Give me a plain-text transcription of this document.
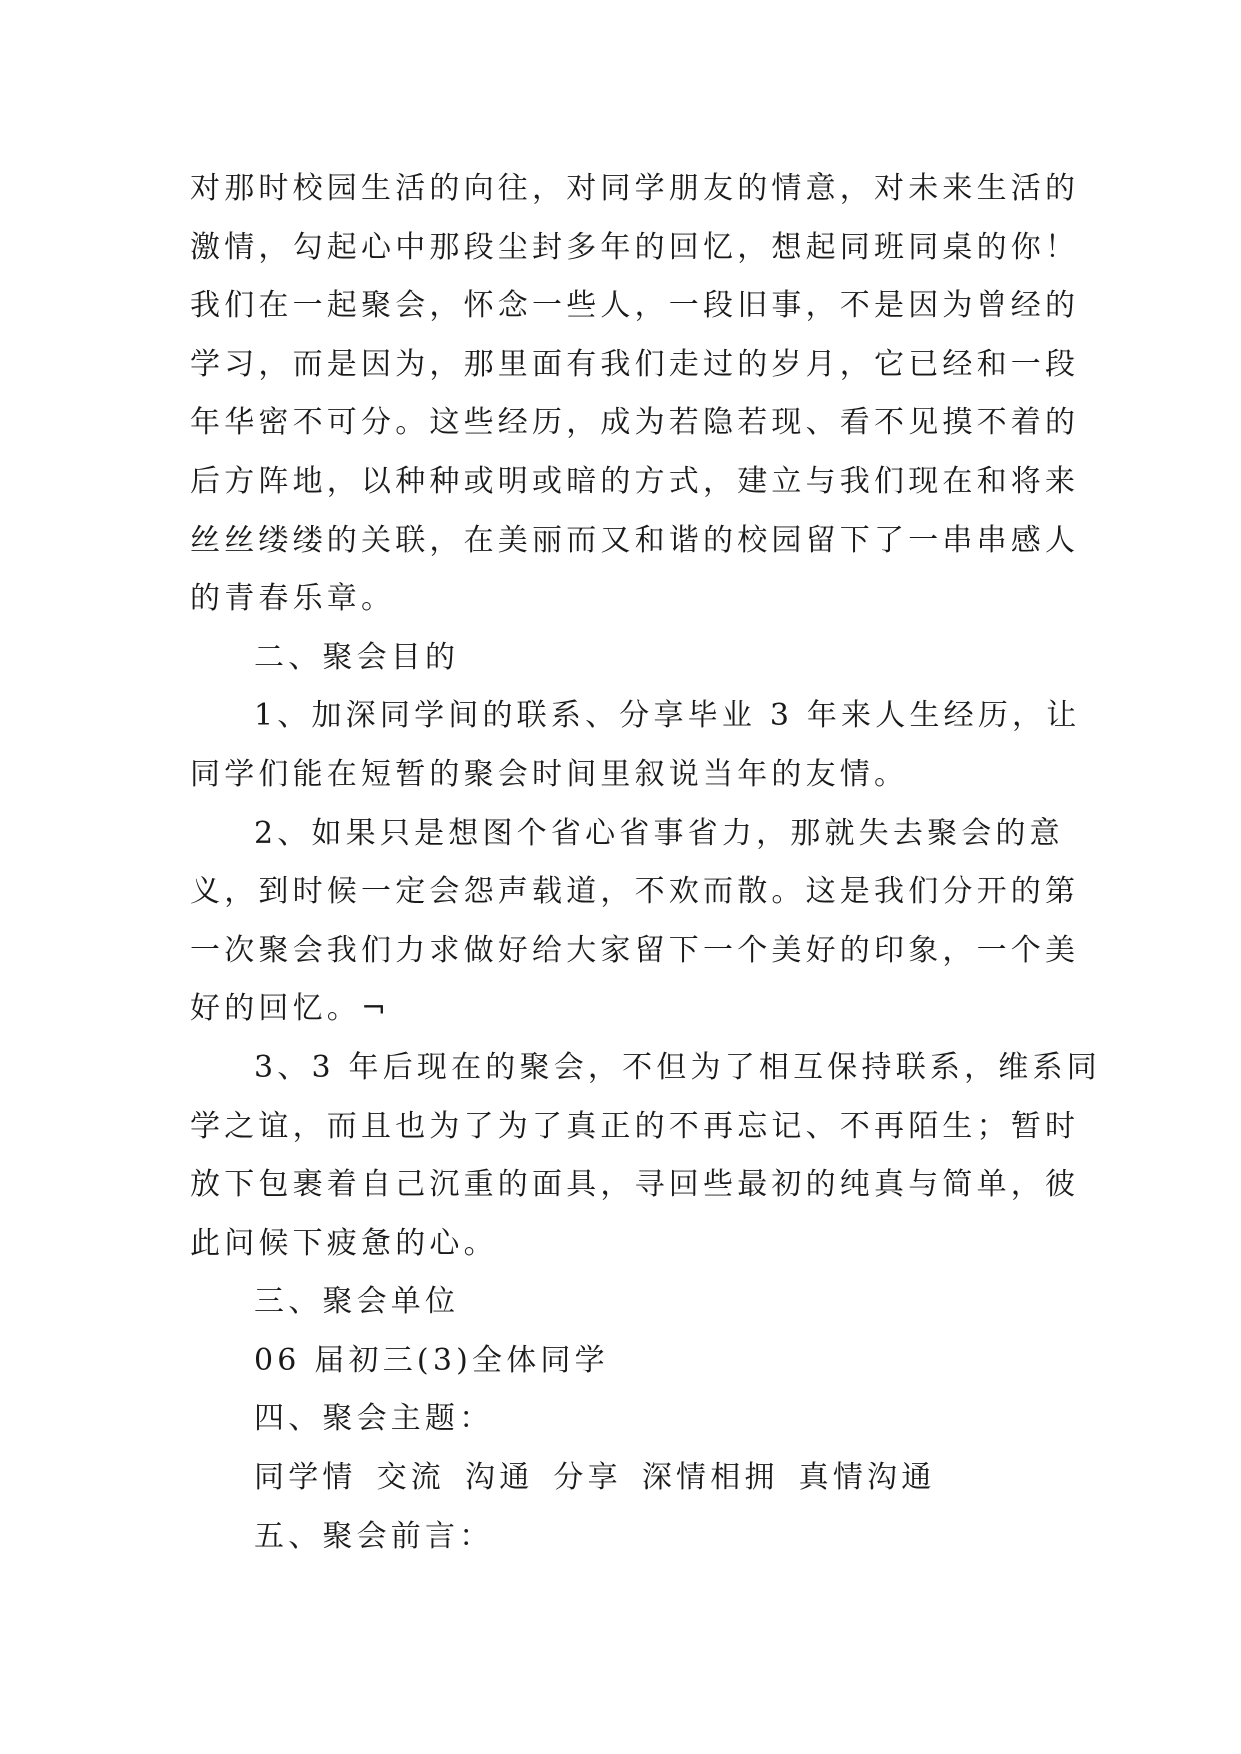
对那时校园生活的向往，对同学朋友的情意，对未来生活的
激情，勾起心中那段尘封多年的回忆，想起同班同桌的你！
我们在一起聚会，怀念一些人，一段旧事，不是因为曾经的
学习，而是因为，那里面有我们走过的岁月，它已经和一段
年华密不可分。这些经历，成为若隐若现、看不见摸不着的
后方阵地，以种种或明或暗的方式，建立与我们现在和将来
丝丝缕缕的关联，在美丽而又和谐的校园留下了一串串感人
的青春乐章。
二、聚会目的
1、加深同学间的联系、分享毕业 3 年来人生经历，让
同学们能在短暂的聚会时间里叙说当年的友情。
2、如果只是想图个省心省事省力，那就失去聚会的意
义，到时候一定会怨声载道，不欢而散。这是我们分开的第
一次聚会我们力求做好给大家留下一个美好的印象，一个美
好的回忆。¬
3、3 年后现在的聚会，不但为了相互保持联系，维系同
学之谊，而且也为了为了真正的不再忘记、不再陌生；暂时
放下包裹着自己沉重的面具，寻回些最初的纯真与简单，彼
此问候下疲惫的心。
三、聚会单位
06 届初三(3)全体同学
四、聚会主题：
同学情 交流 沟通 分享 深情相拥 真情沟通
五、聚会前言：
